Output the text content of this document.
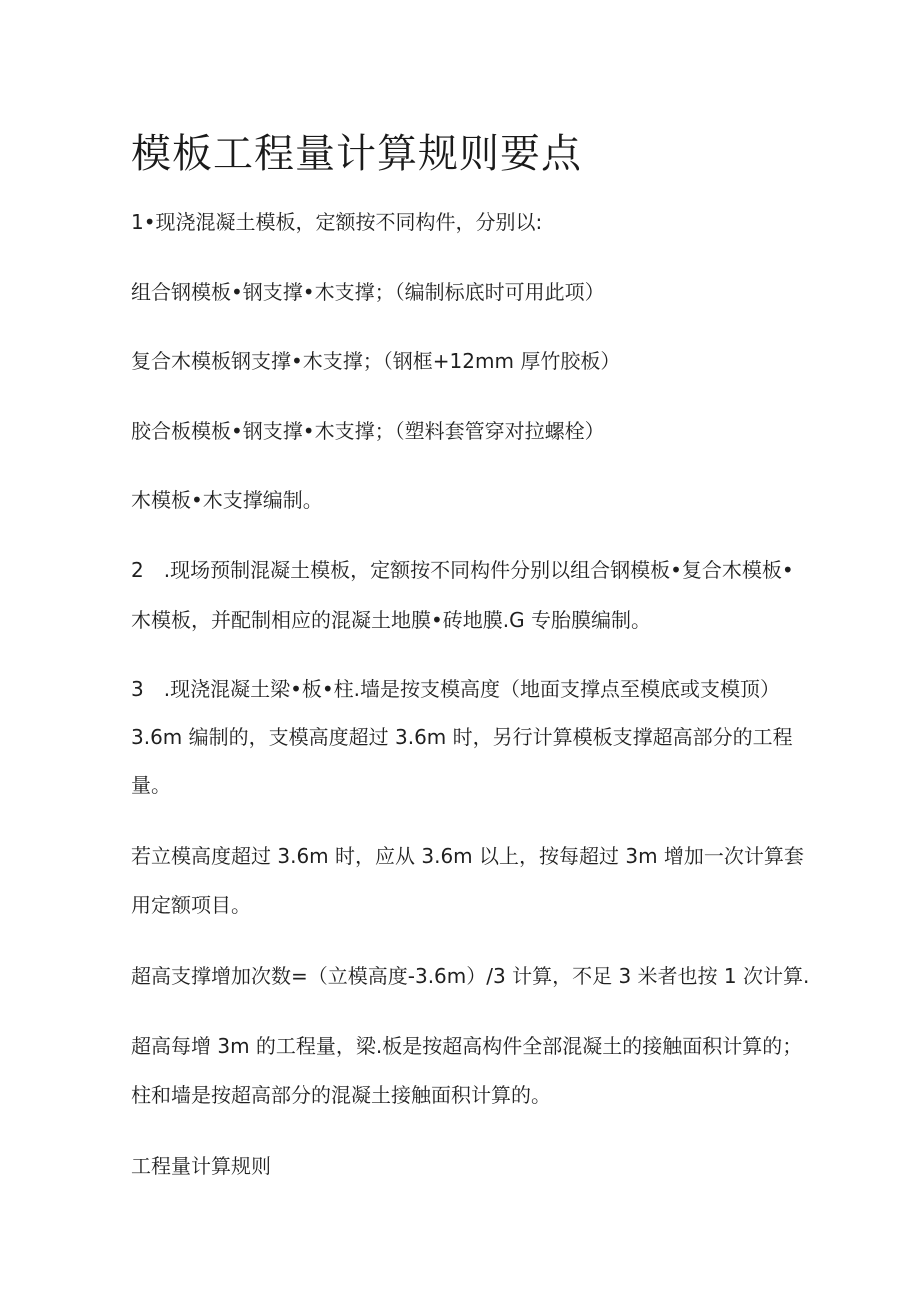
模板工程量计算规则要点

1•现浇混凝土模板，定额按不同构件，分别以:

组合钢模板•钢支撑•木支撑；（编制标底时可用此项）

复合木模板钢支撑•木支撑；（钢框+12mm 厚竹胶板）

胶合板模板•钢支撑•木支撑；（塑料套管穿对拉螺栓）

木模板•木支撑编制。

2　.现场预制混凝土模板，定额按不同构件分别以组合钢模板•复合木模板•

木模板，并配制相应的混凝土地膜•砖地膜.G 专胎膜编制。

3　.现浇混凝土梁•板•柱.墙是按支模高度（地面支撑点至模底或支模顶）

3.6m 编制的，支模高度超过 3.6m 时，另行计算模板支撑超高部分的工程

量。

若立模高度超过 3.6m 时，应从 3.6m 以上，按每超过 3m 增加一次计算套

用定额项目。

超高支撑增加次数=（立模高度-3.6m）/3 计算，不足 3 米者也按 1 次计算.

超高每增 3m 的工程量，梁.板是按超高构件全部混凝土的接触面积计算的；

柱和墙是按超高部分的混凝土接触面积计算的。

工程量计算规则
